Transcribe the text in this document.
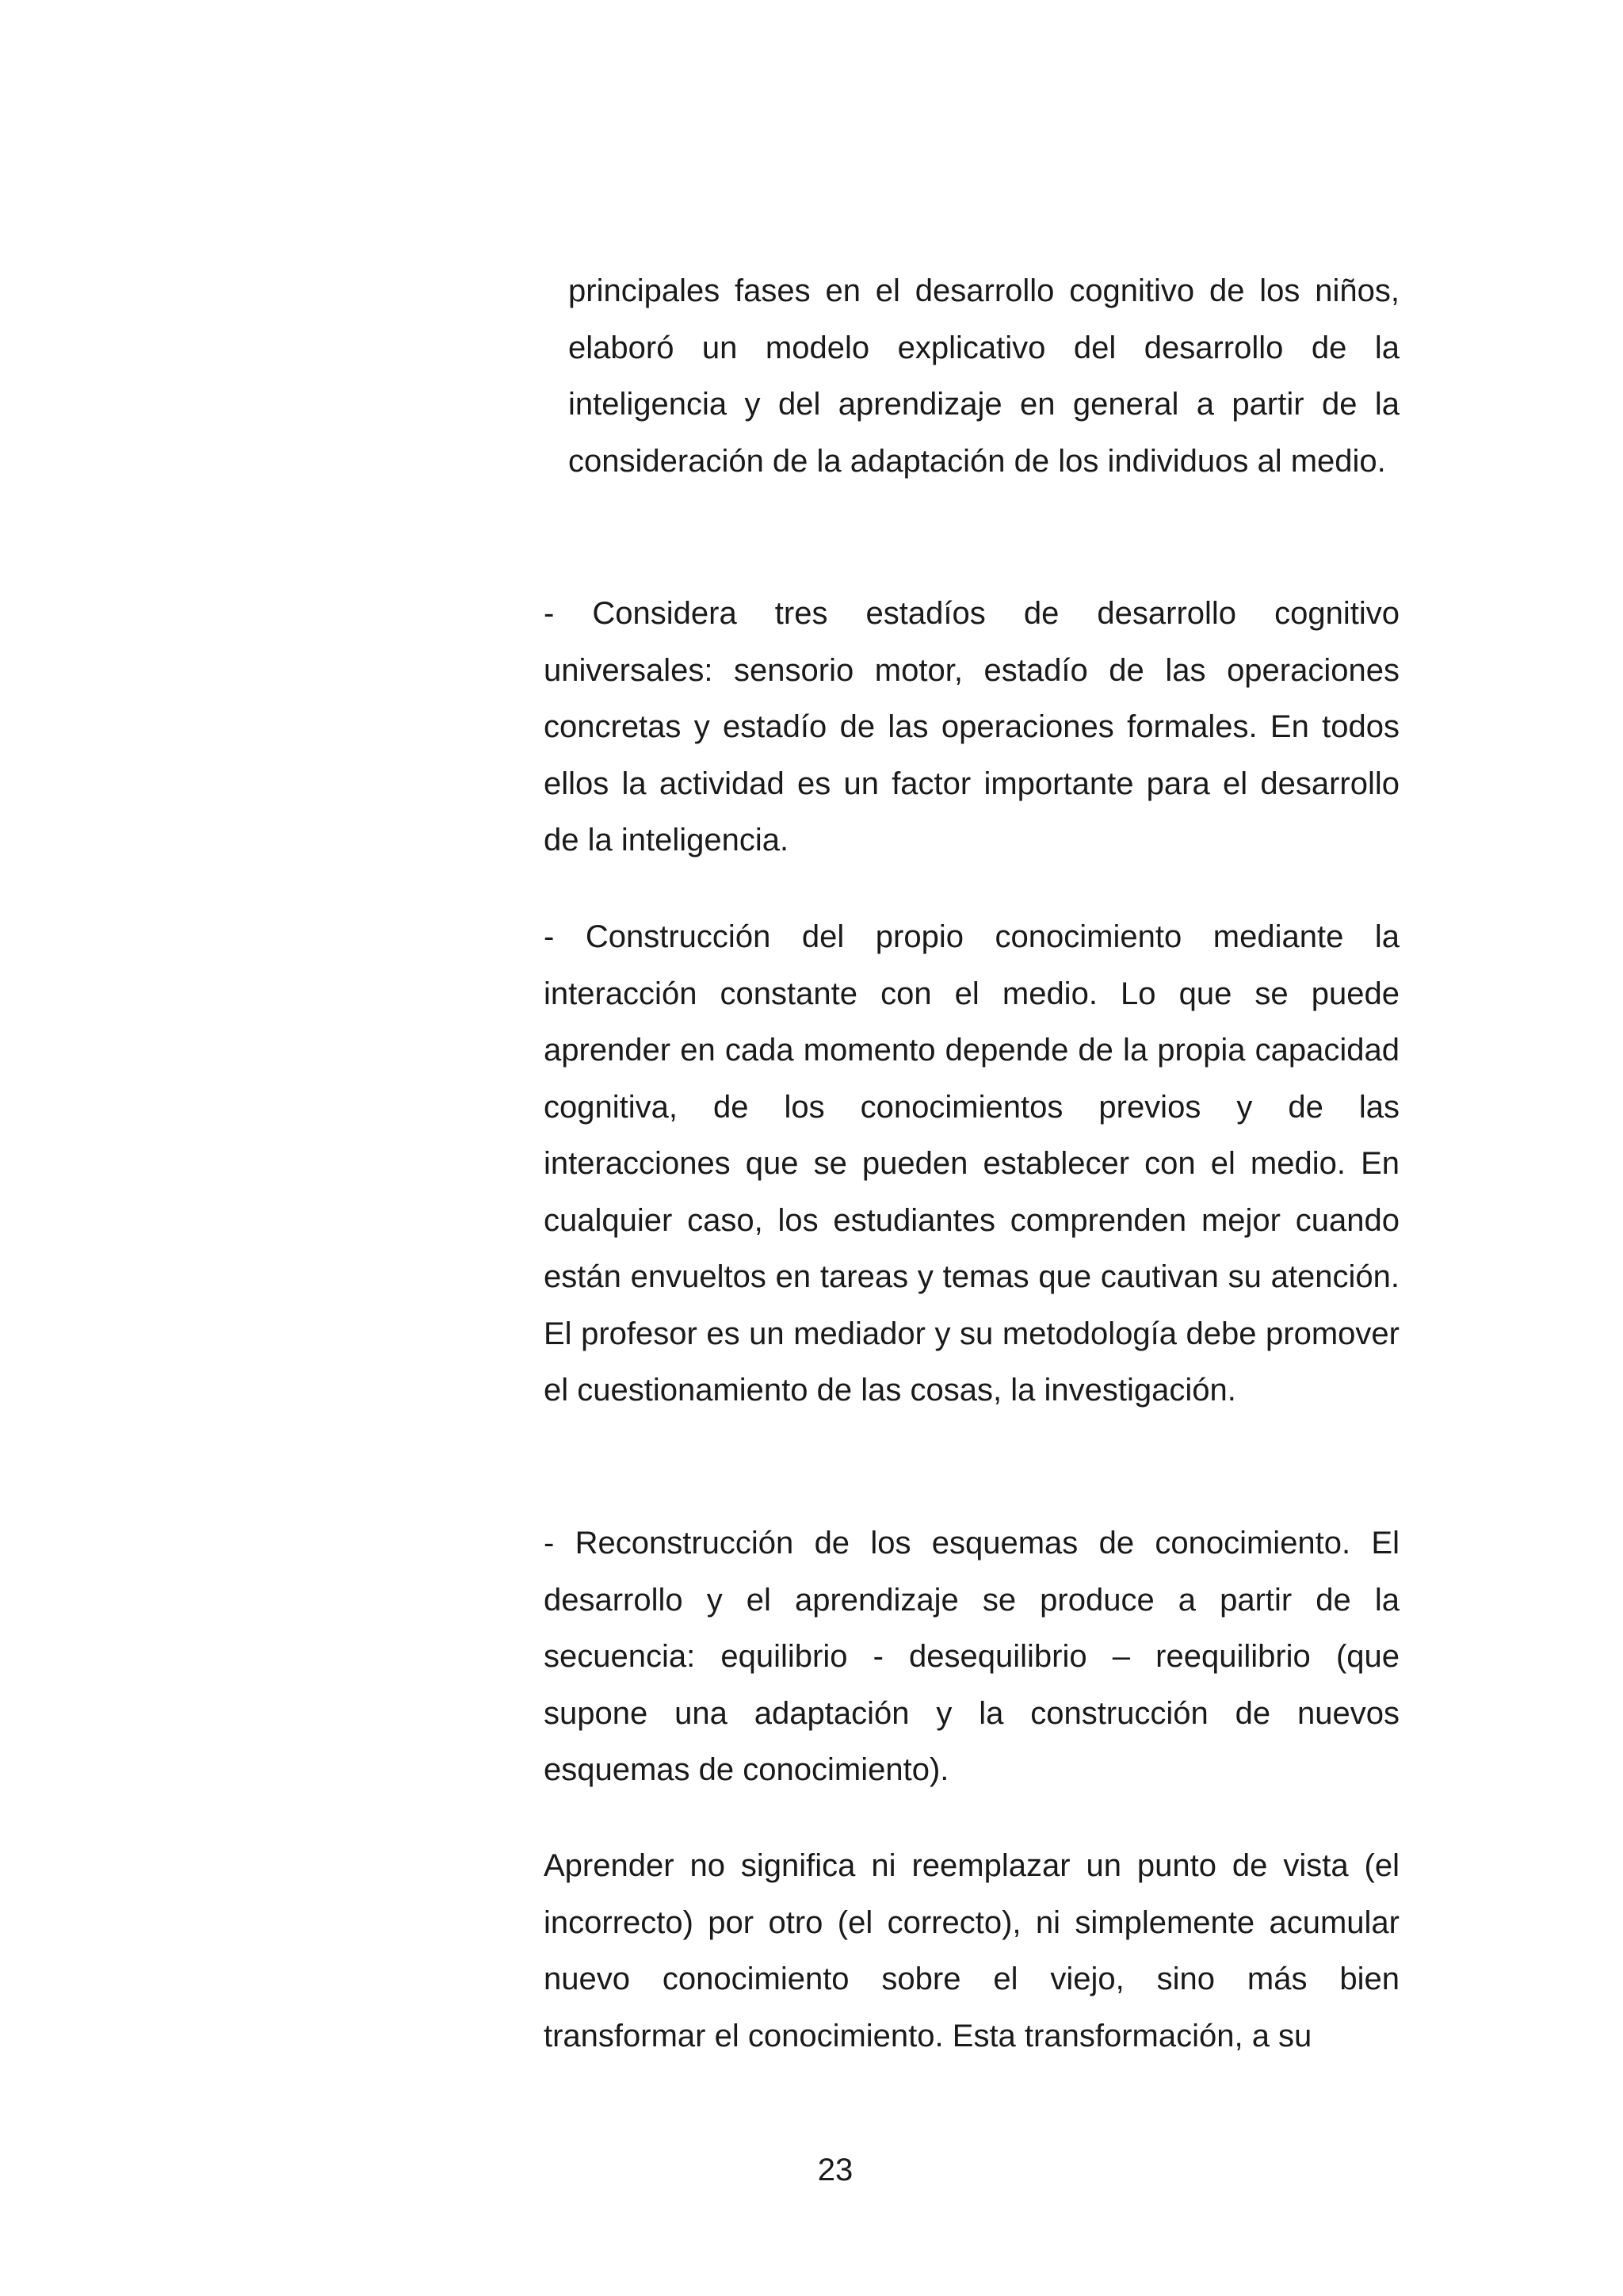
principales fases en el desarrollo cognitivo de los niños, elaboró un modelo explicativo del desarrollo de la inteligencia y del aprendizaje en general a partir de la consideración de la adaptación de los individuos al medio.

- Considera tres estadíos de desarrollo cognitivo universales: sensorio motor, estadío de las operaciones concretas y estadío de las operaciones formales. En todos ellos la actividad es un factor importante para el desarrollo de la inteligencia.

- Construcción del propio conocimiento mediante la interacción constante con el medio. Lo que se puede aprender en cada momento depende de la propia capacidad cognitiva, de los conocimientos previos y de las interacciones que se pueden establecer con el medio. En cualquier caso, los estudiantes comprenden mejor cuando están envueltos en tareas y temas que cautivan su atención. El profesor es un mediador y su metodología debe promover el cuestionamiento de las cosas, la investigación.

- Reconstrucción de los esquemas de conocimiento. El desarrollo y el aprendizaje se produce a partir de la secuencia: equilibrio - desequilibrio – reequilibrio (que supone una adaptación y la construcción de nuevos esquemas de conocimiento).

Aprender no significa ni reemplazar un punto de vista (el incorrecto) por otro (el correcto), ni simplemente acumular nuevo conocimiento sobre el viejo, sino más bien transformar el conocimiento. Esta transformación, a su

23
